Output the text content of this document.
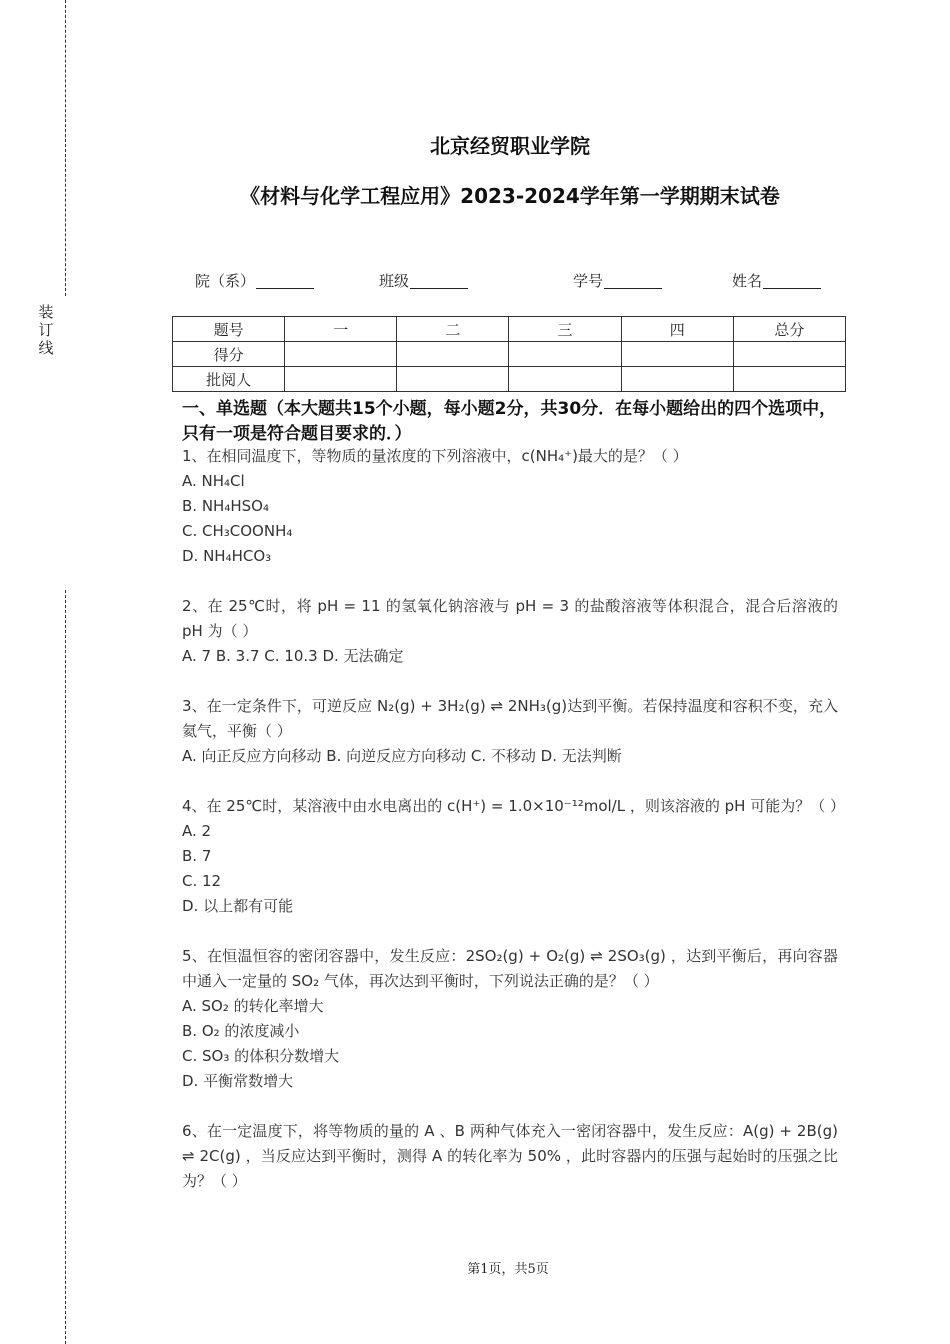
装
订
线
北京经贸职业学院
《材料与化学工程应用》2023-2024学年第一学期期末试卷
院（系）	班级	学号	姓名
题号	一	二	三	四	总分
得分					
批阅人					
一、单选题（本大题共15个小题，每小题2分，共30分．在每小题给出的四个选项中，只有一项是符合题目要求的．）

1、在相同温度下，等物质的量浓度的下列溶液中，c(NH₄⁺)最大的是？（ ）

A. NH₄Cl

B. NH₄HSO₄

C. CH₃COONH₄

D. NH₄HCO₃

2、在 25℃时，将 pH = 11 的氢氧化钠溶液与 pH = 3 的盐酸溶液等体积混合，混合后溶液的 pH 为（ ）

A. 7 B. 3.7 C. 10.3 D. 无法确定

3、在一定条件下，可逆反应 N₂(g) + 3H₂(g) ⇌ 2NH₃(g)达到平衡。若保持温度和容积不变，充入氦气，平衡（ ）

A. 向正反应方向移动 B. 向逆反应方向移动 C. 不移动 D. 无法判断

4、在 25℃时，某溶液中由水电离出的 c(H⁺) = 1.0×10⁻¹²mol/L ，则该溶液的 pH 可能为？（ ）

A. 2

B. 7

C. 12

D. 以上都有可能

5、在恒温恒容的密闭容器中，发生反应：2SO₂(g) + O₂(g) ⇌ 2SO₃(g) ，达到平衡后，再向容器中通入一定量的 SO₂ 气体，再次达到平衡时，下列说法正确的是？（ ）

A. SO₂ 的转化率增大

B. O₂ 的浓度减小

C. SO₃ 的体积分数增大

D. 平衡常数增大

6、在一定温度下，将等物质的量的 A 、B 两种气体充入一密闭容器中，发生反应：A(g) + 2B(g) ⇌ 2C(g) ，当反应达到平衡时，测得 A 的转化率为 50% ，此时容器内的压强与起始时的压强之比为？（ ）

第1页，共5页
